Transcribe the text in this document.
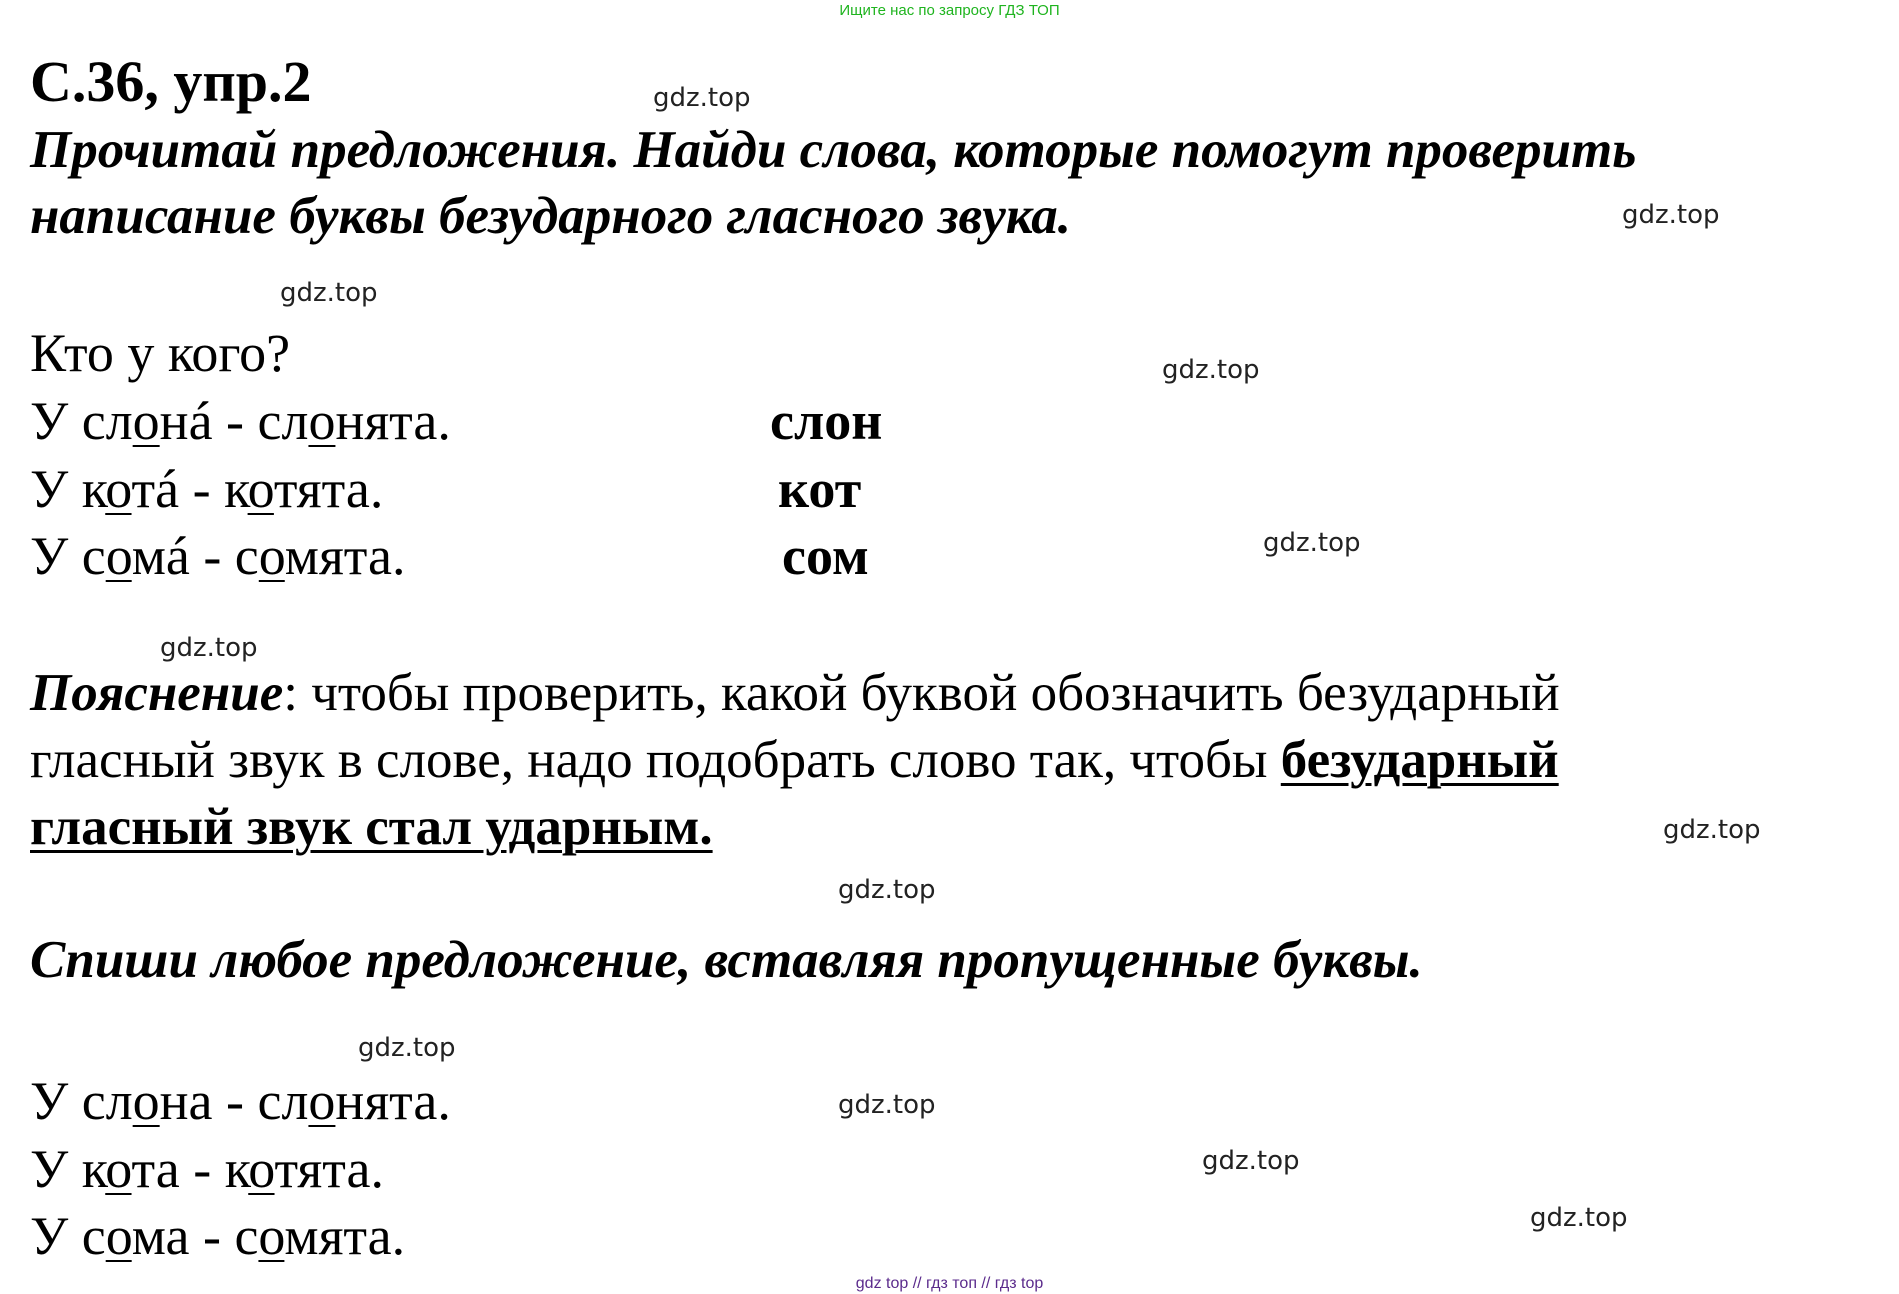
Ищите нас по запросу ГДЗ ТОП
gdz.top
gdz.top
gdz.top
gdz.top
gdz.top
gdz.top
gdz.top
gdz.top
gdz.top
gdz.top
gdz.top
gdz.top
С.36, упр.2
Прочитай предложения. Найди слова, которые помогут проверить
написание буквы безударного гласного звука.
Кто у кого?
У слонá - слонята.	слон
У котá - котята.	кот
У сомá - сомята.	сом
Пояснение: чтобы проверить, какой буквой обозначить безударный
гласный звук в слове, надо подобрать слово так, чтобы безударный
гласный звук стал ударным.
Спиши любое предложение, вставляя пропущенные буквы.
У слона - слонята.
У кота - котята.
У сома - сомята.
gdz top // гдз топ // гдз top
